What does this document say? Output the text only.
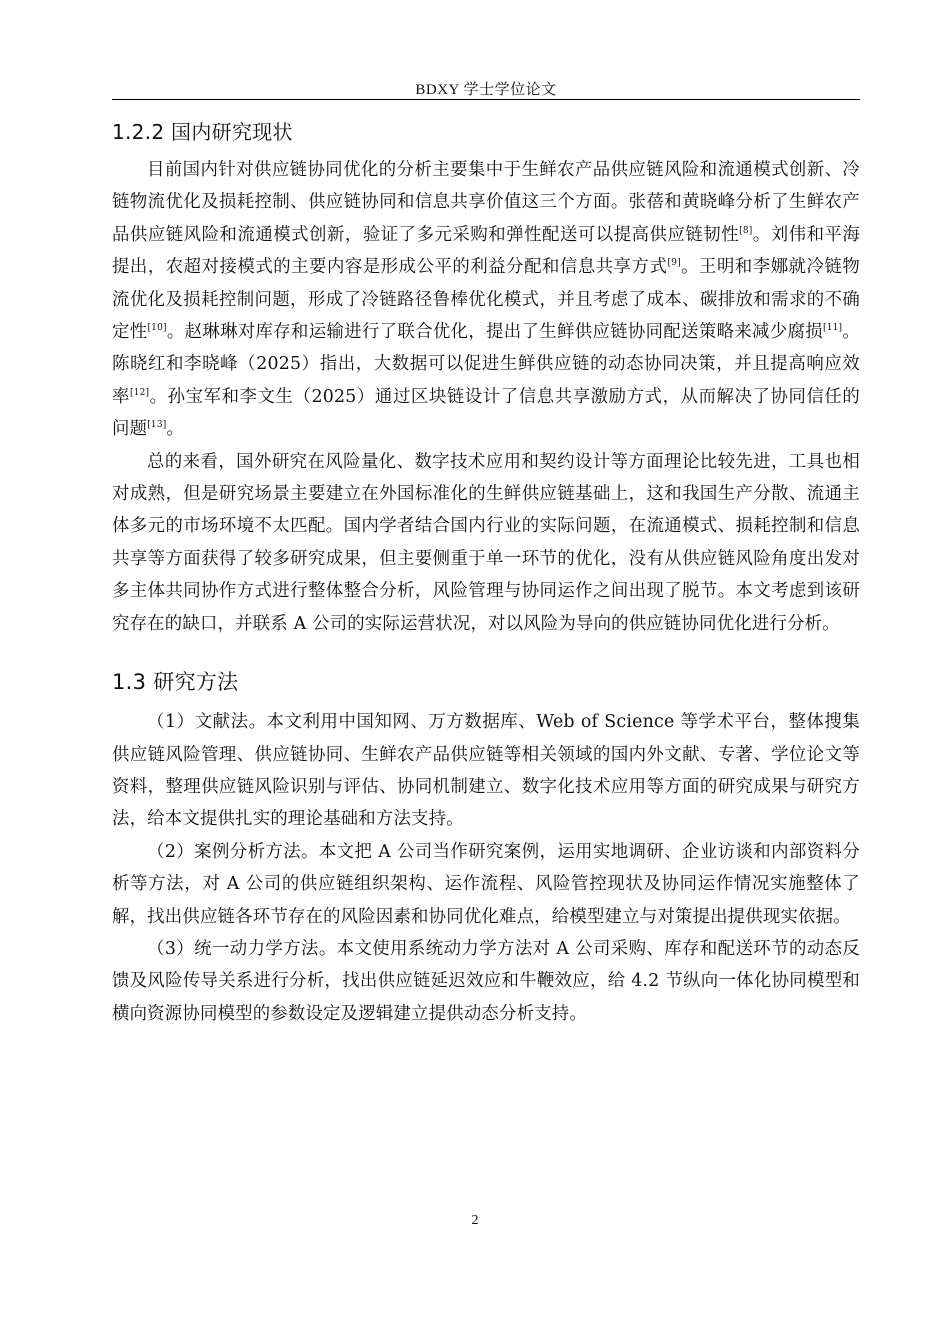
BDXY 学士学位论文
1.2.2 国内研究现状

目前国内针对供应链协同优化的分析主要集中于生鲜农产品供应链风险和流通模式创新、冷链物流优化及损耗控制、供应链协同和信息共享价值这三个方面。张蓓和黄晓峰分析了生鲜农产品供应链风险和流通模式创新，验证了多元采购和弹性配送可以提高供应链韧性[8]。刘伟和平海提出，农超对接模式的主要内容是形成公平的利益分配和信息共享方式[9]。王明和李娜就冷链物流优化及损耗控制问题，形成了冷链路径鲁棒优化模式，并且考虑了成本、碳排放和需求的不确定性[10]。赵琳琳对库存和运输进行了联合优化，提出了生鲜供应链协同配送策略来减少腐损[11]。陈晓红和李晓峰（2025）指出，大数据可以促进生鲜供应链的动态协同决策，并且提高响应效率[12]。孙宝军和李文生（2025）通过区块链设计了信息共享激励方式，从而解决了协同信任的问题[13]。

总的来看，国外研究在风险量化、数字技术应用和契约设计等方面理论比较先进，工具也相对成熟，但是研究场景主要建立在外国标准化的生鲜供应链基础上，这和我国生产分散、流通主体多元的市场环境不太匹配。国内学者结合国内行业的实际问题，在流通模式、损耗控制和信息共享等方面获得了较多研究成果，但主要侧重于单一环节的优化，没有从供应链风险角度出发对多主体共同协作方式进行整体整合分析，风险管理与协同运作之间出现了脱节。本文考虑到该研究存在的缺口，并联系 A 公司的实际运营状况，对以风险为导向的供应链协同优化进行分析。

1.3 研究方法

（1）文献法。本文利用中国知网、万方数据库、Web of Science 等学术平台，整体搜集供应链风险管理、供应链协同、生鲜农产品供应链等相关领域的国内外文献、专著、学位论文等资料，整理供应链风险识别与评估、协同机制建立、数字化技术应用等方面的研究成果与研究方法，给本文提供扎实的理论基础和方法支持。

（2）案例分析方法。本文把 A 公司当作研究案例，运用实地调研、企业访谈和内部资料分析等方法，对 A 公司的供应链组织架构、运作流程、风险管控现状及协同运作情况实施整体了解，找出供应链各环节存在的风险因素和协同优化难点，给模型建立与对策提出提供现实依据。

（3）统一动力学方法。本文使用系统动力学方法对 A 公司采购、库存和配送环节的动态反馈及风险传导关系进行分析，找出供应链延迟效应和牛鞭效应，给 4.2 节纵向一体化协同模型和横向资源协同模型的参数设定及逻辑建立提供动态分析支持。

2
